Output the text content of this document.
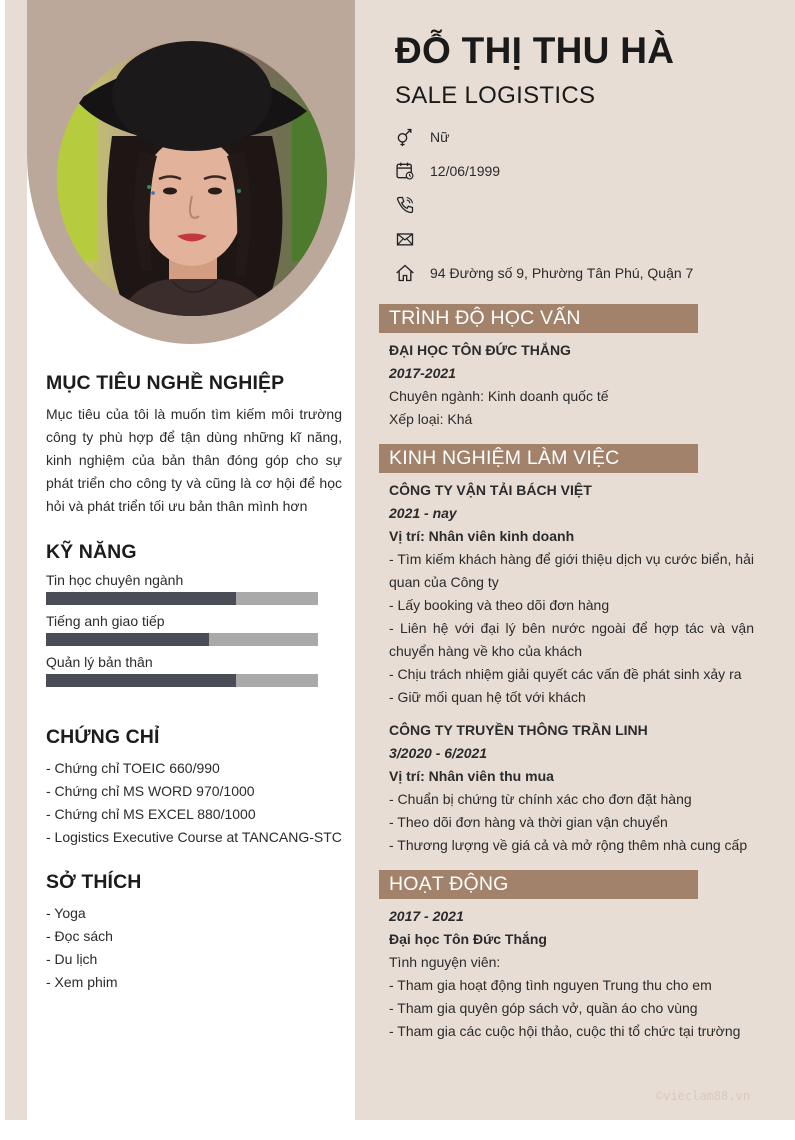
MỤC TIÊU NGHỀ NGHIỆP
Mục tiêu của tôi là muốn tìm kiếm môi trường công ty phù hợp để tận dùng những kĩ năng, kinh nghiệm của bản thân đóng góp cho sự phát triển cho công ty và cũng là cơ hội để học hỏi và phát triển tối ưu bản thân mình hơn
KỸ NĂNG
Tin học chuyên ngành
Tiếng anh giao tiếp
Quản lý bản thân
CHỨNG CHỈ
- Chứng chỉ TOEIC 660/990
- Chứng chỉ MS WORD 970/1000
- Chứng chỉ MS EXCEL 880/1000
- Logistics Executive Course at TANCANG-STC
SỞ THÍCH
- Yoga
- Đọc sách
- Du lịch
- Xem phim
ĐỖ THỊ THU HÀ
SALE LOGISTICS
Nữ
12/06/1999
94 Đường số 9, Phường Tân Phú, Quận 7
TRÌNH ĐỘ HỌC VẤN
ĐẠI HỌC TÔN ĐỨC THẮNG
2017-2021
Chuyên ngành: Kinh doanh quốc tế
Xếp loại: Khá
KINH NGHIỆM LÀM VIỆC
CÔNG TY VẬN TẢI BÁCH VIỆT
2021 - nay
Vị trí: Nhân viên kinh doanh
- Tìm kiếm khách hàng để giới thiệu dịch vụ cước biển, hải quan của Công ty
- Lấy booking và theo dõi đơn hàng
- Liên hệ với đại lý bên nước ngoài để hợp tác và vận chuyển hàng về kho của khách
- Chịu trách nhiệm giải quyết các vấn đề phát sinh xảy ra
- Giữ mối quan hệ tốt với khách
CÔNG TY TRUYỀN THÔNG TRẦN LINH
3/2020 - 6/2021
Vị trí: Nhân viên thu mua
- Chuẩn bị chứng từ chính xác cho đơn đặt hàng
- Theo dõi đơn hàng và thời gian vận chuyển
- Thương lượng về giá cả và mở rộng thêm nhà cung cấp
HOẠT ĐỘNG
2017 - 2021
Đại học Tôn Đức Thắng
Tình nguyện viên:
- Tham gia hoạt động tình nguyen Trung thu cho em
- Tham gia quyên góp sách vở, quần áo cho vùng
- Tham gia các cuộc hội thảo, cuộc thi tổ chức tại trường
©vieclam88.vn
